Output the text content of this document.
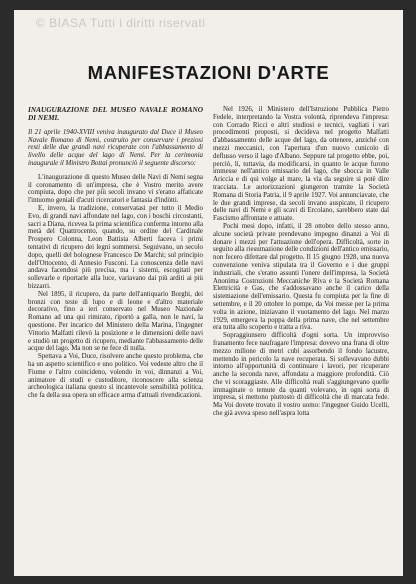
© BIASA Tutti i diritti riservati
MANIFESTAZIONI D'ARTE
INAUGURAZIONE DEL MUSEO NAVALE ROMANO DI NEMI.

Il 21 aprile 1940-XVIII veniva inaugurato dal Duce il Museo Navale Romano di Nemi, costruito per conservare i preziosi resti delle due grandi navi ricuperate con l'abbassamento di livello delle acque del lago di Nemi. Per la cerimonia inaugurale il Ministro Bottai pronunciò il seguente discorso:

L'inaugurazione di questo Museo delle Navi di Nemi segna il coronamento di un'impresa, che è Vostro merito avere compiuta, dopo che per più secoli invano vi s'erano affaticate l'intuomo geniali d'acuti ricercatori e fantasia d'indòtti.

E, invero, la tradizione, conservatasi per tutto il Medio Evo, di grandi navi affondate nel lago, con i boschi circostanti, sacri a Diana, ricevea la prima scientifica conferma intorno alla metà del Quattrocento, quando, su ordine del Cardinale Prospero Colonna, Leon Battista Alberti faceva i primi tentativi di ricupero dei legni sommersi. Seguivano, un secolo dopo, quelli del bolognese Francesco De Marchi; sul principio dell'Ottocento, di Annesio Fusconi. La conoscenza delle navi andava facendosi più precisa, ma i sistemi, escogitati per sollevarle e riportarle alla luce, variavano dai più arditi ai più bizzarri.

Nel 1895, il ricupero, da parte dell'antiquario Borghi, dei bronzi con teste di lupo e di leone e d'altro materiale decorativo, fino a ieri conservato nel Museo Nazionale Romano ad una qui rimirato, riportò a galla, non le navi, la questione. Per incarico del Ministero della Marina, l'ingegner Vittorio Malfatti rilevò la posizione e le dimensioni delle navi e studiò un progetto di ricupero, mediante l'abbassamento delle acque del lago. Ma non se ne fece di nulla.

Spettava a Voi, Duce, risolvere anche questo problema, che ha un aspetto scientifico e uno politico. Voi vedeste altro che il Fiume e l'altro coincideno, volendo in voi, dinnanzi a Voi, animatore di studi e custoditore, riconoscere alla scienza archeologica italiana questo sì incantevole sensibilità politica, che fa della sua opera un efficace arma d'attuali rivendicazioni.

Nel 1926, il Ministero dell'Istruzione Pubblica Pietro Fedele, interpretando la Vostra volontà, riprendeva l'impresa: con Corrado Ricci e altri studiosi e tecnici, vagliati i vari procedimenti proposti, si decideva nel progetto Malfatti d'abbassamento delle acque del lago, da ottenere, anziché con mezzi meccanici, con l'apertura d'un nuovo cunicolo di deflusso verso il lago d'Albano. Seppure tal progetto ebbe, poi, perciò, lì, tuttavia, da modificarsi, in quanto le acque furono immesse nell'antico emissario del lago, che sbocca in Valle Ariccia e di qui volge al mare, la via da seguire si potè dire tracciata. Le autorizzazioni giungeron tramite la Società Romana di Storia Patria, il 9 aprile 1927. Voi annunciavate, che le due grandi imprese, da secoli invano auspicate, il ricupero delle navi di Nemi e gli scavi di Ercolano, sarebbero state dal Fascismo affrontate e attuate.

Pochi mesi dopo, infatti, il 28 ottobre dello stesso anno, alcune società private prendevano impegno dinanzi a Voi di donare i mezzi per l'attuazione dell'opera. Difficoltà, sorte in seguito alla riesumazione delle condizioni dell'antico emissario, non fecero difettare dal progetto. Il 15 giugno 1928, una nuova convenzione veniva stipulata tra il Governo e i due gruppi industriali, che s'erano assunti l'onere dell'impresa, la Società Anonima Costruzioni Meccaniche Riva e la Società Romana Elettricità e Gas, che s'addossavano anche il carico della sistemazione dell'emissario. Questa fu compiuta per la fine di settembre, e il 20 ottobre lo pompe, da Voi messe per la prima volta in azione, iniziavano il vuotamento del lago. Nel marzo 1929, emergeva la poppa della prima nave, che nel settembre era tutta allo scoperto e tratta a riva.

Sopraggiunsero difficoltà d'ogni sorta. Un improvviso franamento fece naufragare l'impresa: dovevo una frana di oltre mezzo milione di metri cubi assorbendo il fondo lacustre, mettendo in pericolo la nave recuperata. Si sollevavano dubbi intorno all'opportunità di continuare i lavori, per ricuperare anche la seconda nave, affondata a maggiore profondità. Ciò che vi scoraggiaste. Alle difficoltà reali s'aggiungevano quelle immaginate o temute da quanti volevano, in ogni sorta di impresa, si mettono piuttosto di difficoltà che di marcata fede. Ma Voi dovete trovato il vostro uomo: l'ingegner Guido Ucelli, che già aveva speso nell'aspra lotta
